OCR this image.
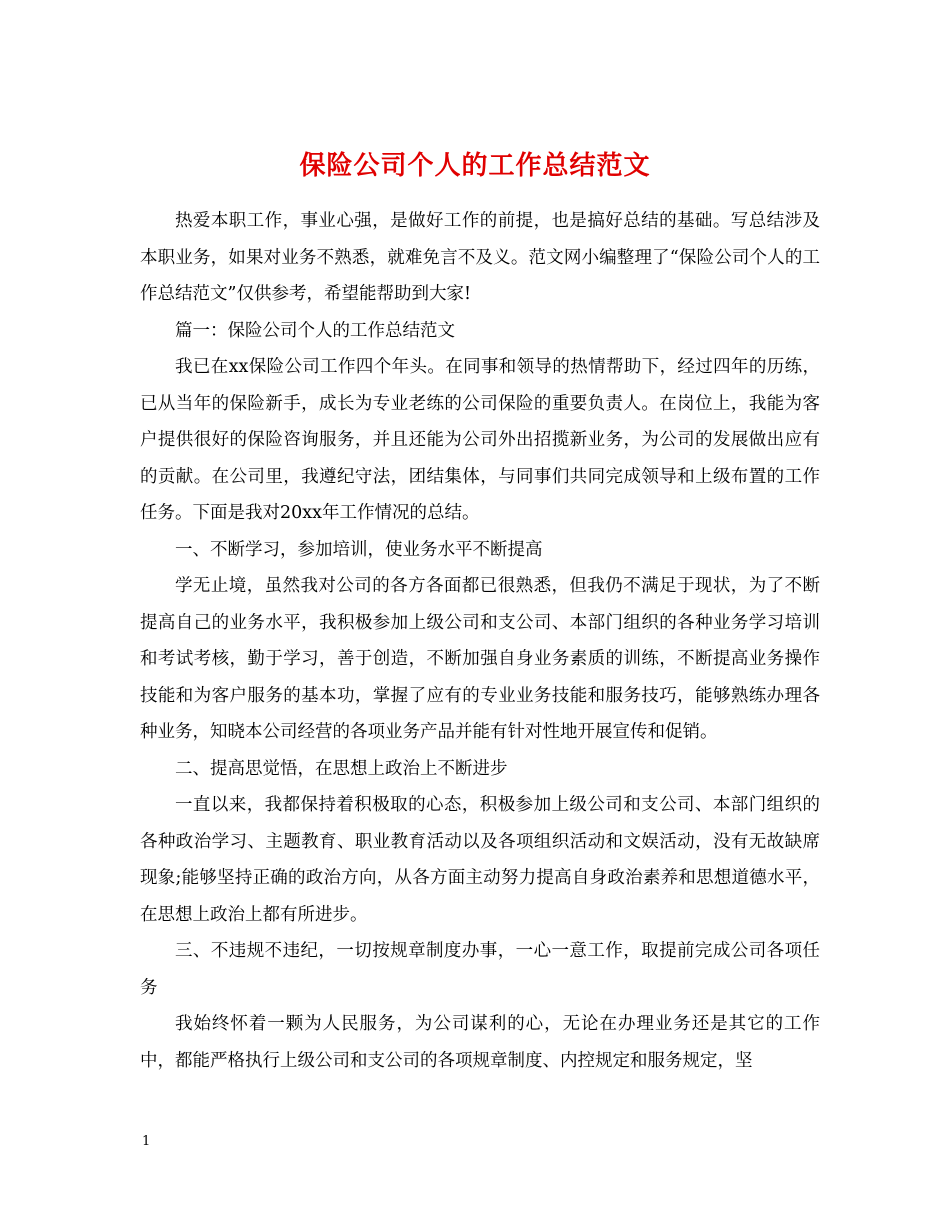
保险公司个人的工作总结范文

热爱本职工作，事业心强，是做好工作的前提，也是搞好总结的基础。写总结涉及本职业务，如果对业务不熟悉，就难免言不及义。范文网小编整理了“保险公司个人的工作总结范文”仅供参考，希望能帮助到大家!

篇一：保险公司个人的工作总结范文

我已在xx保险公司工作四个年头。在同事和领导的热情帮助下，经过四年的历练，已从当年的保险新手，成长为专业老练的公司保险的重要负责人。在岗位上，我能为客户提供很好的保险咨询服务，并且还能为公司外出招揽新业务，为公司的发展做出应有的贡献。在公司里，我遵纪守法，团结集体，与同事们共同完成领导和上级布置的工作任务。下面是我对20xx年工作情况的总结。

一、不断学习，参加培训，使业务水平不断提高

学无止境，虽然我对公司的各方各面都已很熟悉，但我仍不满足于现状，为了不断提高自己的业务水平，我积极参加上级公司和支公司、本部门组织的各种业务学习培训和考试考核，勤于学习，善于创造，不断加强自身业务素质的训练，不断提高业务操作技能和为客户服务的基本功，掌握了应有的专业业务技能和服务技巧，能够熟练办理各种业务，知晓本公司经营的各项业务产品并能有针对性地开展宣传和促销。

二、提高思觉悟，在思想上政治上不断进步

一直以来，我都保持着积极取的心态，积极参加上级公司和支公司、本部门组织的各种政治学习、主题教育、职业教育活动以及各项组织活动和文娱活动，没有无故缺席现象;能够坚持正确的政治方向，从各方面主动努力提高自身政治素养和思想道德水平，在思想上政治上都有所进步。

三、不违规不违纪，一切按规章制度办事，一心一意工作，取提前完成公司各项任务

我始终怀着一颗为人民服务，为公司谋利的心，无论在办理业务还是其它的工作中，都能严格执行上级公司和支公司的各项规章制度、内控规定和服务规定，坚

1
